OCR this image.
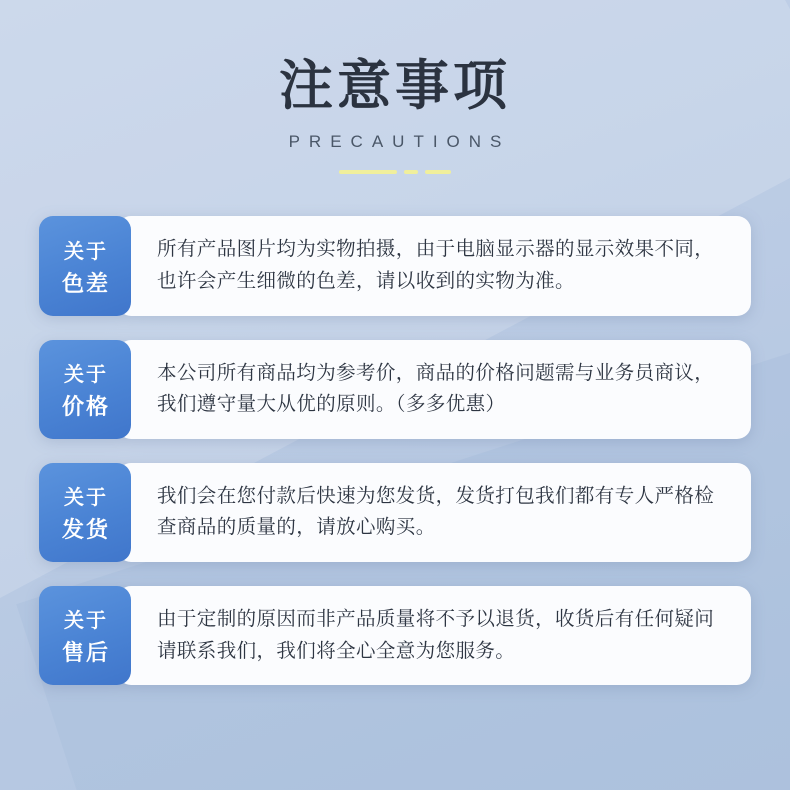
注意事项
PRECAUTIONS
关于
色差

所有产品图片均为实物拍摄，由于电脑显示器的显示效果不同，也许会产生细微的色差，请以收到的实物为准。

关于
价格

本公司所有商品均为参考价，商品的价格问题需与业务员商议，我们遵守量大从优的原则。（多多优惠）

关于
发货

我们会在您付款后快速为您发货，发货打包我们都有专人严格检查商品的质量的，请放心购买。

关于
售后

由于定制的原因而非产品质量将不予以退货，收货后有任何疑问请联系我们，我们将全心全意为您服务。
